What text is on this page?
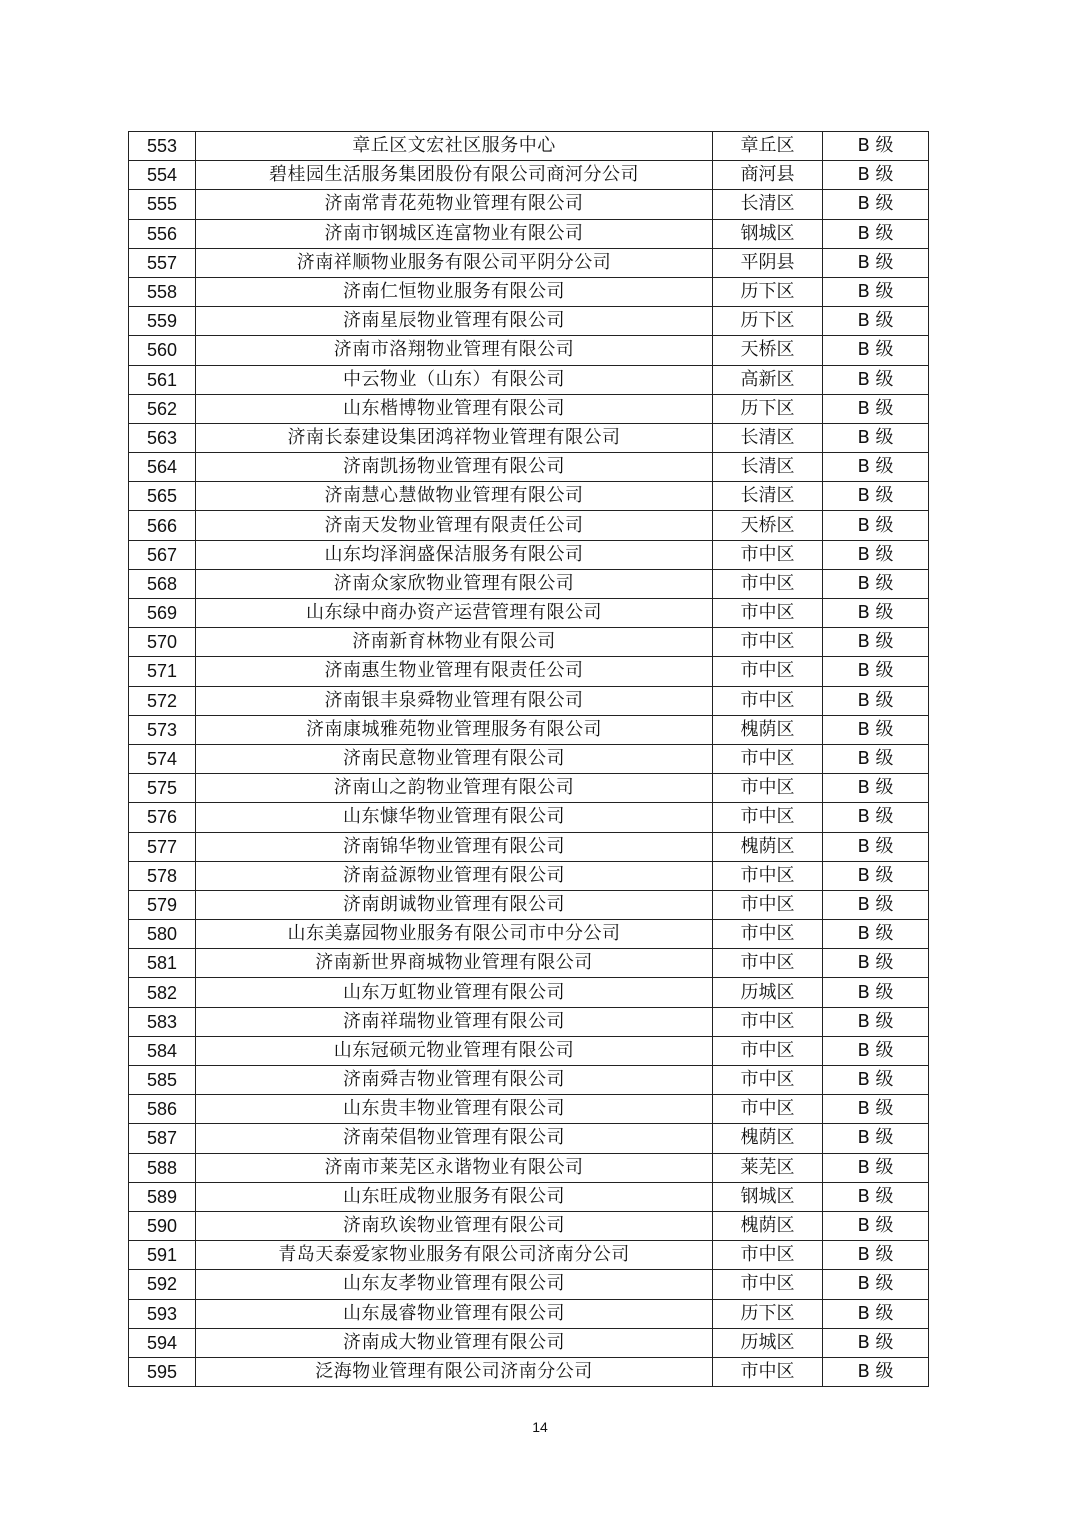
553	章丘区文宏社区服务中心	章丘区	B 级
554	碧桂园生活服务集团股份有限公司商河分公司	商河县	B 级
555	济南常青花苑物业管理有限公司	长清区	B 级
556	济南市钢城区连富物业有限公司	钢城区	B 级
557	济南祥顺物业服务有限公司平阴分公司	平阴县	B 级
558	济南仁恒物业服务有限公司	历下区	B 级
559	济南星辰物业管理有限公司	历下区	B 级
560	济南市洛翔物业管理有限公司	天桥区	B 级
561	中云物业（山东）有限公司	高新区	B 级
562	山东楷博物业管理有限公司	历下区	B 级
563	济南长泰建设集团鸿祥物业管理有限公司	长清区	B 级
564	济南凯扬物业管理有限公司	长清区	B 级
565	济南慧心慧做物业管理有限公司	长清区	B 级
566	济南天发物业管理有限责任公司	天桥区	B 级
567	山东均泽润盛保洁服务有限公司	市中区	B 级
568	济南众家欣物业管理有限公司	市中区	B 级
569	山东绿中商办资产运营管理有限公司	市中区	B 级
570	济南新育林物业有限公司	市中区	B 级
571	济南惠生物业管理有限责任公司	市中区	B 级
572	济南银丰泉舜物业管理有限公司	市中区	B 级
573	济南康城雅苑物业管理服务有限公司	槐荫区	B 级
574	济南民意物业管理有限公司	市中区	B 级
575	济南山之韵物业管理有限公司	市中区	B 级
576	山东慷华物业管理有限公司	市中区	B 级
577	济南锦华物业管理有限公司	槐荫区	B 级
578	济南益源物业管理有限公司	市中区	B 级
579	济南朗诚物业管理有限公司	市中区	B 级
580	山东美嘉园物业服务有限公司市中分公司	市中区	B 级
581	济南新世界商城物业管理有限公司	市中区	B 级
582	山东万虹物业管理有限公司	历城区	B 级
583	济南祥瑞物业管理有限公司	市中区	B 级
584	山东冠硕元物业管理有限公司	市中区	B 级
585	济南舜吉物业管理有限公司	市中区	B 级
586	山东贵丰物业管理有限公司	市中区	B 级
587	济南荣倡物业管理有限公司	槐荫区	B 级
588	济南市莱芜区永谐物业有限公司	莱芜区	B 级
589	山东旺成物业服务有限公司	钢城区	B 级
590	济南玖诶物业管理有限公司	槐荫区	B 级
591	青岛天泰爱家物业服务有限公司济南分公司	市中区	B 级
592	山东友孝物业管理有限公司	市中区	B 级
593	山东晟睿物业管理有限公司	历下区	B 级
594	济南成大物业管理有限公司	历城区	B 级
595	泛海物业管理有限公司济南分公司	市中区	B 级
14
